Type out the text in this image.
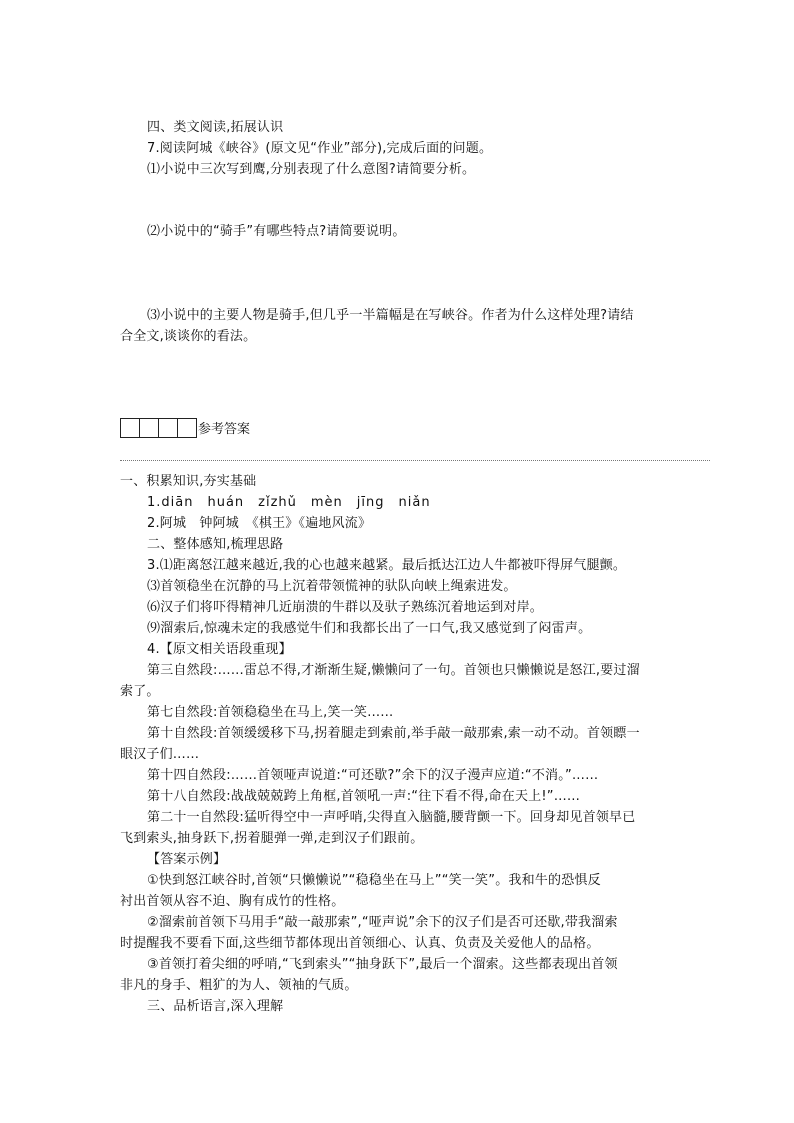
四、类文阅读,拓展认识
7.阅读阿城《峡谷》(原文见“作业”部分),完成后面的问题。
⑴小说中三次写到鹰,分别表现了什么意图?请简要分析。
⑵小说中的“骑手”有哪些特点?请简要说明。
⑶小说中的主要人物是骑手,但几乎一半篇幅是在写峡谷。作者为什么这样处理?请结
合全文,谈谈你的看法。
参考答案
一、积累知识,夯实基础
1.diān　huán　zǐzhǔ　mèn　jīng　niǎn
2.阿城　钟阿城　《棋王》《遍地风流》
二、整体感知,梳理思路
3.⑴距离怒江越来越近,我的心也越来越紧。最后抵达江边人牛都被吓得屏气腿颤。
⑶首领稳坐在沉静的马上沉着带领慌神的驮队向峡上绳索进发。
⑹汉子们将吓得精神几近崩溃的牛群以及驮子熟练沉着地运到对岸。
⑼溜索后,惊魂未定的我感觉牛们和我都长出了一口气,我又感觉到了闷雷声。
4.【原文相关语段重现】
第三自然段:……雷总不得,才渐渐生疑,懒懒问了一句。首领也只懒懒说是怒江,要过溜
索了。
第七自然段:首领稳稳坐在马上,笑一笑……
第十自然段:首领缓缓移下马,拐着腿走到索前,举手敲一敲那索,索一动不动。首领瞟一
眼汉子们……
第十四自然段:……首领哑声说道:“可还歇?”余下的汉子漫声应道:“不消。”……
第十八自然段:战战兢兢跨上角框,首领吼一声:“往下看不得,命在天上!”……
第二十一自然段:猛听得空中一声呼哨,尖得直入脑髓,腰背颤一下。回身却见首领早已
飞到索头,抽身跃下,拐着腿弹一弹,走到汉子们跟前。
【答案示例】
①快到怒江峡谷时,首领“只懒懒说”“稳稳坐在马上”“笑一笑”。我和牛的恐惧反
衬出首领从容不迫、胸有成竹的性格。
②溜索前首领下马用手“敲一敲那索”,“哑声说”余下的汉子们是否可还歇,带我溜索
时提醒我不要看下面,这些细节都体现出首领细心、认真、负责及关爱他人的品格。
③首领打着尖细的呼哨,“飞到索头”“抽身跃下”,最后一个溜索。这些都表现出首领
非凡的身手、粗犷的为人、领袖的气质。
三、品析语言,深入理解
